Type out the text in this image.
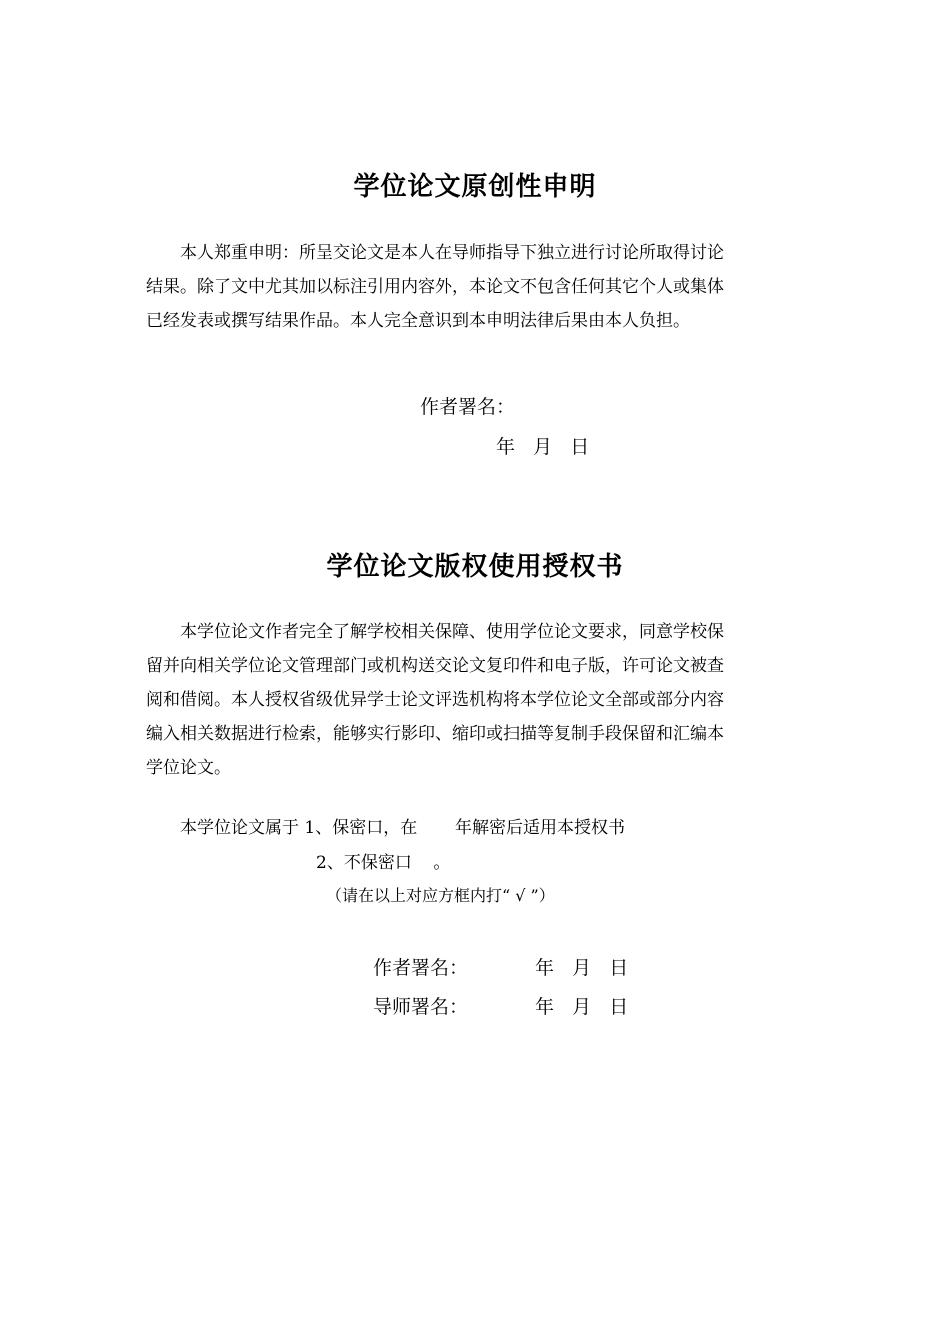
学位论文原创性申明
本人郑重申明：所呈交论文是本人在导师指导下独立进行讨论所取得讨论
结果。除了文中尤其加以标注引用内容外，本论文不包含任何其它个人或集体
已经发表或撰写结果作品。本人完全意识到本申明法律后果由本人负担。
作者署名：
年   月   日
学位论文版权使用授权书
本学位论文作者完全了解学校相关保障、使用学位论文要求，同意学校保
留并向相关学位论文管理部门或机构送交论文复印件和电子版，许可论文被查
阅和借阅。本人授权省级优异学士论文评选机构将本学位论文全部或部分内容
编入相关数据进行检索，能够实行影印、缩印或扫描等复制手段保留和汇编本
学位论文。
本学位论文属于 1、保密口，在       年解密后适用本授权书
2、不保密口    。
（请在以上对应方框内打“ √ ”）
作者署名：	年   月   日
导师署名：	年   月   日
